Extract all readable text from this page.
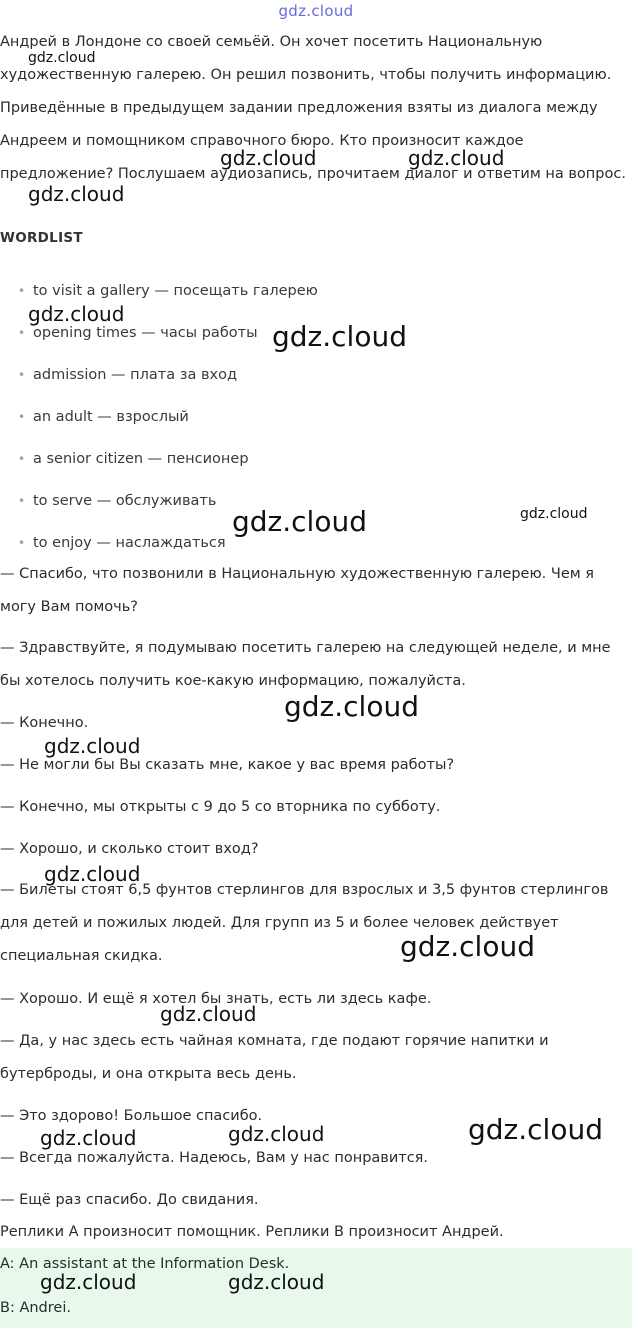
gdz.cloud

Андрей в Лондоне со своей семьёй. Он хочет посетить Национальную художественную галерею. Он решил позвонить, чтобы получить информацию. Приведённые в предыдущем задании предложения взяты из диалога между Андреем и помощником справочного бюро. Кто произносит каждое предложение? Послушаем аудиозапись, прочитаем диалог и ответим на вопрос.

WORDLIST
• to visit a gallery — посещать галерею
• opening times — часы работы
• admission — плата за вход
• an adult — взрослый
• a senior citizen — пенсионер
• to serve — обслуживать
• to enjoy — наслаждаться

— Спасибо, что позвонили в Национальную художественную галерею. Чем я могу Вам помочь?

— Здравствуйте, я подумываю посетить галерею на следующей неделе, и мне бы хотелось получить кое-какую информацию, пожалуйста.

— Конечно.

— Не могли бы Вы сказать мне, какое у вас время работы?

— Конечно, мы открыты с 9 до 5 со вторника по субботу.

— Хорошо, и сколько стоит вход?

— Билеты стоят 6,5 фунтов стерлингов для взрослых и 3,5 фунтов стерлингов для детей и пожилых людей. Для групп из 5 и более человек действует специальная скидка.

— Хорошо. И ещё я хотел бы знать, есть ли здесь кафе.

— Да, у нас здесь есть чайная комната, где подают горячие напитки и бутерброды, и она открыта весь день.

— Это здорово! Большое спасибо.

— Всегда пожалуйста. Надеюсь, Вам у нас понравится.

— Ещё раз спасибо. До свидания.

Реплики A произносит помощник. Реплики B произносит Андрей.

A: An assistant at the Information Desk.
B: Andrei.
gdz.cloud
gdz.cloud	gdz.cloud
gdz.cloud
gdz.cloud
gdz.cloud
gdz.cloud	gdz.cloud
gdz.cloud
gdz.cloud
gdz.cloud
gdz.cloud
gdz.cloud
gdz.cloud
gdz.cloud	gdz.cloud
gdz.cloud	gdz.cloud
